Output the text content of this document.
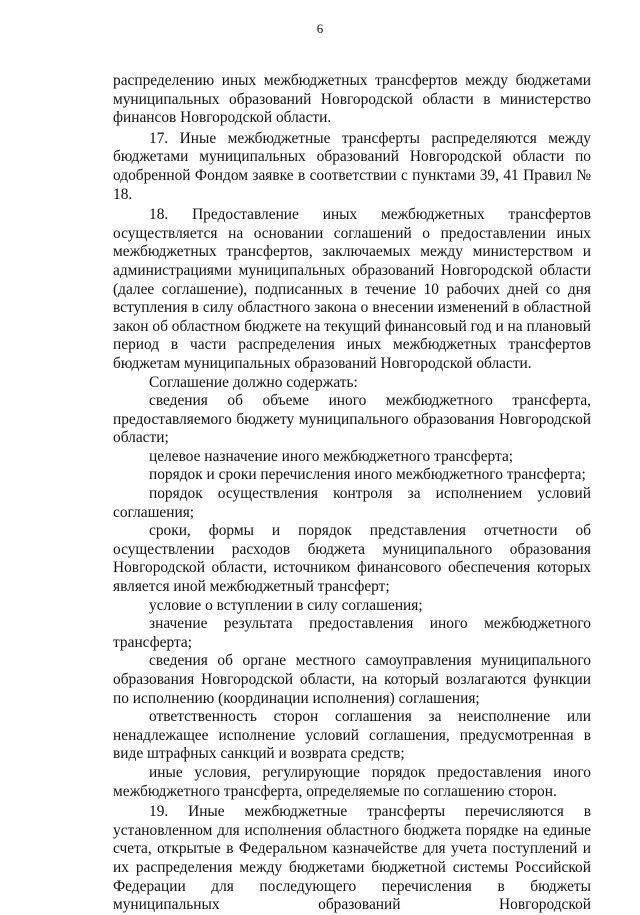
6

распределению иных межбюджетных трансфертов между бюджетами муниципальных образований Новгородской области в министерство финансов Новгородской области.

17. Иные межбюджетные трансферты распределяются между бюджетами муниципальных образований Новгородской области по одобренной Фондом заявке в соответствии с пунктами 39, 41 Правил № 18.

18. Предоставление иных межбюджетных трансфертов осуществляется на основании соглашений о предоставлении иных межбюджетных трансфертов, заключаемых между министерством и администрациями муниципальных образований Новгородской области (далее соглашение), подписанных в течение 10 рабочих дней со дня вступления в силу областного закона о внесении изменений в областной закон об областном бюджете на текущий финансовый год и на плановый период в части распределения иных межбюджетных трансфертов бюджетам муниципальных образований Новгородской области.

Соглашение должно содержать:

сведения об объеме иного межбюджетного трансферта, предоставляемого бюджету муниципального образования Новгородской области;

целевое назначение иного межбюджетного трансферта;

порядок и сроки перечисления иного межбюджетного трансферта;

порядок осуществления контроля за исполнением условий соглашения;

сроки, формы и порядок представления отчетности об осуществлении расходов бюджета муниципального образования Новгородской области, источником финансового обеспечения которых является иной межбюджетный трансферт;

условие о вступлении в силу соглашения;

значение результата предоставления иного межбюджетного трансферта;

сведения об органе местного самоуправления муниципального образования Новгородской области, на который возлагаются функции по исполнению (координации исполнения) соглашения;

ответственность сторон соглашения за неисполнение или ненадлежащее исполнение условий соглашения, предусмотренная в виде штрафных санкций и возврата средств;

иные условия, регулирующие порядок предоставления иного межбюджетного трансферта, определяемые по соглашению сторон.

19. Иные межбюджетные трансферты перечисляются в установленном для исполнения областного бюджета порядке на единые счета, открытые в Федеральном казначействе для учета поступлений и их распределения между бюджетами бюджетной системы Российской Федерации для последующего перечисления в бюджеты муниципальных образований Новгородской
